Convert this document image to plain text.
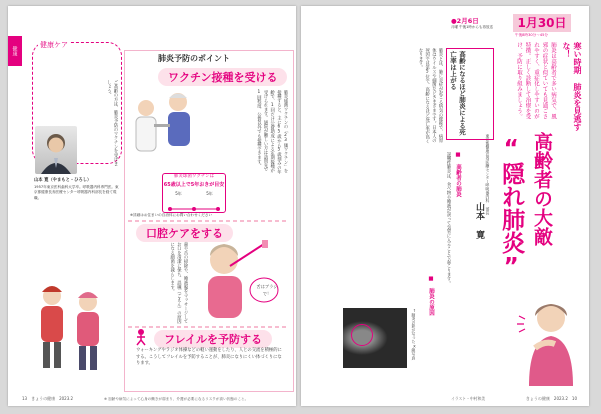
健康
健康ケア
ご高齢の方は、肺炎予防のワクチンを受けましょう。
山本 寛（やまもと・ひろし）
1957年東京医科歯科大学卒。呼吸器内科専門医。東京都健康長寿医療センター呼吸器内科部長を経て現職。
肺炎予防のポイント
ワクチン接種を受ける
肺炎球菌ワクチンの「23価ワクチン」を接種すると、主に65歳から5歳刻みの年齢で、1回だけ公費助成による定期接種が受けられます。通院が難しい方は訪問先で1回程度、公費以外でも接種できます。
肺炎球菌ワクチンは
65歳以上で5年おきが目安
5年	5年
※詳細はお住まいの自治体にお問い合わせください
口腔ケアをする
歯や舌の掃除や、唾液腺をマッサージしてお口を清潔に保ち、誤嚥（ごえん）の原因になる細菌を減らします。	舌はブラシで！
フレイルを予防する
ウォーキングやラジオ体操などの軽い運動をしたり、人との交流を積極的にする。こうしてフレイルを予防することが、肺炎になりにくい体づくりになります。
13　きょうの健康　2023.2	※ 加齢や病気によって心身の働きが弱まり、介護が必要になるリスクが高い状態のこと。
1月30日
●2月6日
月曜 午後1時からも再放送
午後8時30分〜45分
寒い時期 肺炎を見逃すな！
肺炎は高齢者で多い病気で、風邪の症状と似ていても見過ごされやすく、重症化しやすいのが特徴。正しく診断して治療を受け、予防に取り組みましょう。
高齢者の大敵
“隠れ肺炎”
東京都健康長寿医療センター呼吸器内科 部長
山本 寛
高齢になるほど肺炎による死亡率は上がる
肺炎とは、肺に炎症が起こる病気の総称で、病原体はウイルスや細菌などさまざまです。日本人の死因では第5位で、高齢になるほど死亡率が高くなります。
誤嚥性肺炎は、食べ物や唾液が誤って気管に入ることで起こります。 ■ 高齢者の肺炎
■ 肺炎の原因
↑肺炎の影が写ったX線写真
イラスト・中村和美	きょうの健康　2023.2　10
